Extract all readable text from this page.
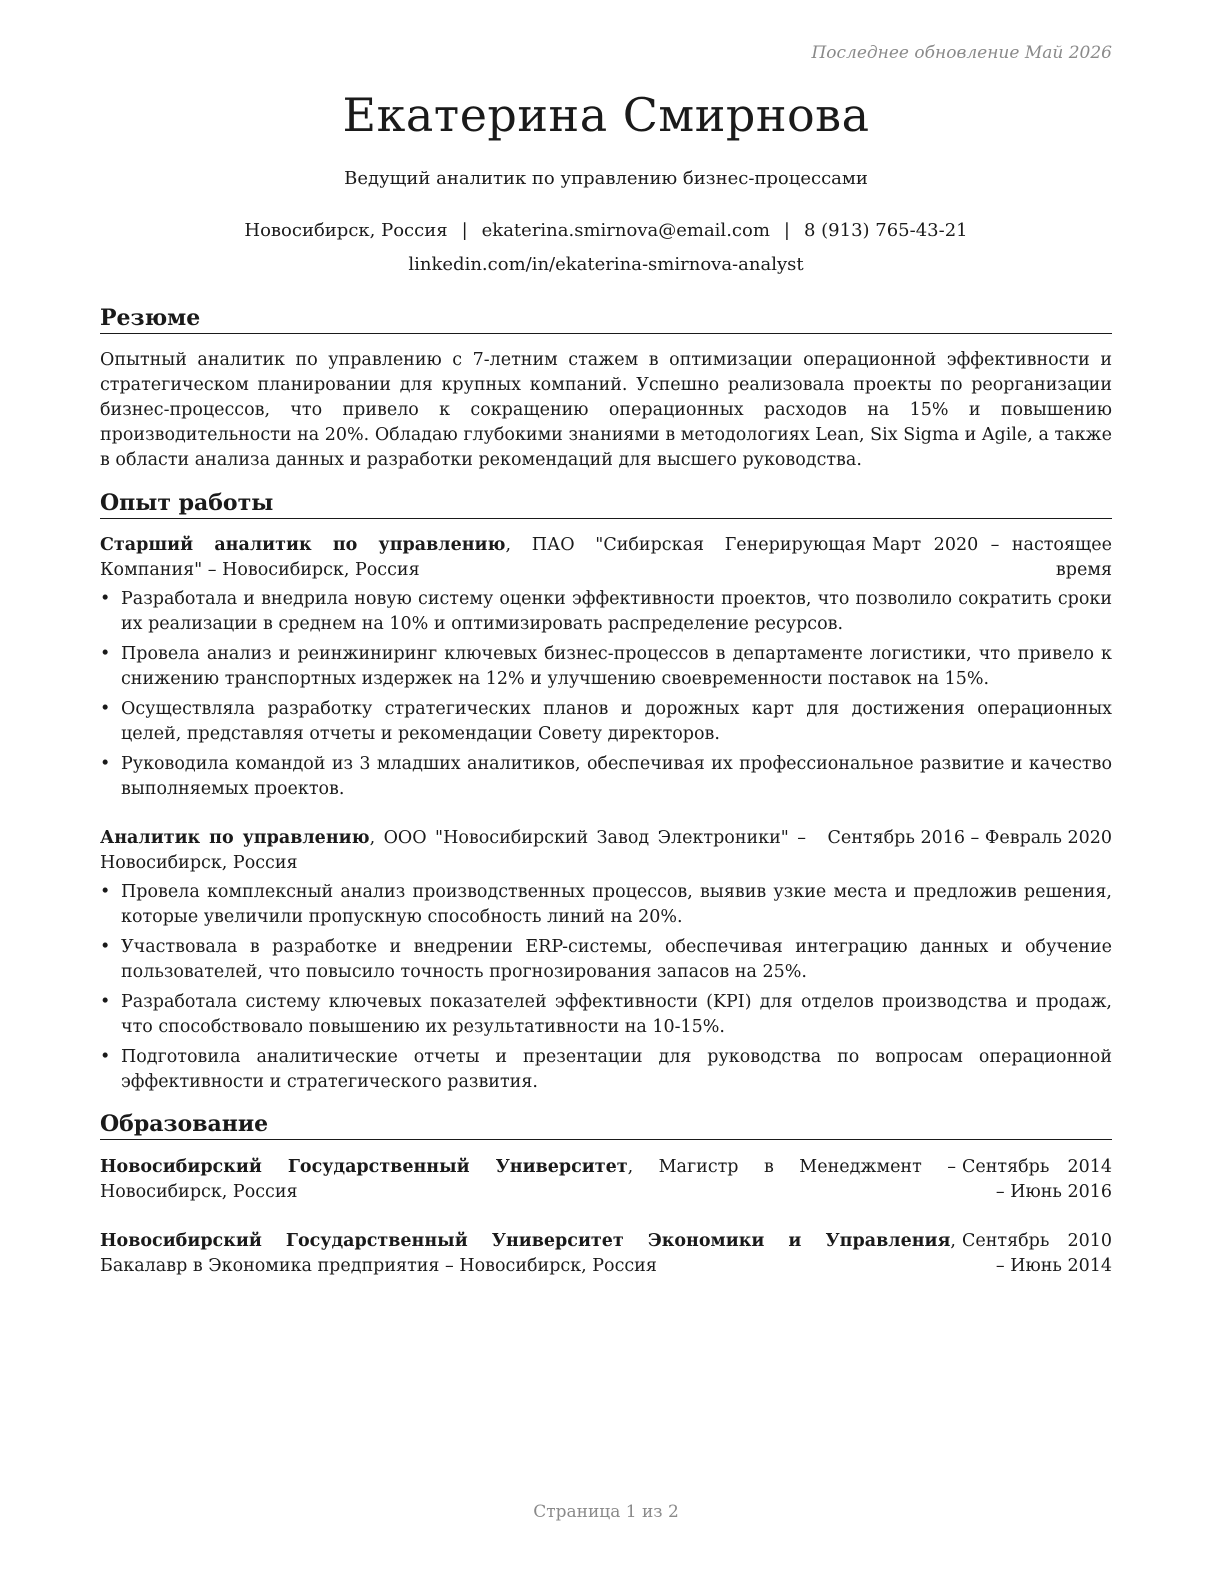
Последнее обновление Май 2026
Екатерина Смирнова
Ведущий аналитик по управлению бизнес-процессами
Новосибирск, Россия | ekaterina.smirnova@email.com | 8 (913) 765-43-21
linkedin.com/in/ekaterina-smirnova-analyst
Резюме
Опытный аналитик по управлению с 7-летним стажем в оптимизации операционной эффективности и стратегическом планировании для крупных компаний. Успешно реализовала проекты по реорганизации бизнес-процессов, что привело к сокращению операционных расходов на 15% и повышению производительности на 20%. Обладаю глубокими знаниями в методологиях Lean, Six Sigma и Agile, а также в области анализа данных и разработки рекомендаций для высшего руководства.
Опыт работы
Старший аналитик по управлению, ПАО "Сибирская Генерирующая Компания" – Новосибирск, Россия
Март 2020 – настоящее время
• Разработала и внедрила новую систему оценки эффективности проектов, что позволило сократить сроки их реализации в среднем на 10% и оптимизировать распределение ресурсов.
• Провела анализ и реинжиниринг ключевых бизнес-процессов в департаменте логистики, что привело к снижению транспортных издержек на 12% и улучшению своевременности поставок на 15%.
• Осуществляла разработку стратегических планов и дорожных карт для достижения операционных целей, представляя отчеты и рекомендации Совету директоров.
• Руководила командой из 3 младших аналитиков, обеспечивая их профессиональное развитие и качество выполняемых проектов.
Аналитик по управлению, ООО "Новосибирский Завод Электроники" – Новосибирск, Россия
Сентябрь 2016 – Февраль 2020
• Провела комплексный анализ производственных процессов, выявив узкие места и предложив решения, которые увеличили пропускную способность линий на 20%.
• Участвовала в разработке и внедрении ERP-системы, обеспечивая интеграцию данных и обучение пользователей, что повысило точность прогнозирования запасов на 25%.
• Разработала систему ключевых показателей эффективности (KPI) для отделов производства и продаж, что способствовало повышению их результативности на 10-15%.
• Подготовила аналитические отчеты и презентации для руководства по вопросам операционной эффективности и стратегического развития.
Образование
Новосибирский Государственный Университет, Магистр в Менеджмент – Новосибирск, Россия
Сентябрь 2014 – Июнь 2016
Новосибирский Государственный Университет Экономики и Управления, Бакалавр в Экономика предприятия – Новосибирск, Россия
Сентябрь 2010 – Июнь 2014
Страница 1 из 2
